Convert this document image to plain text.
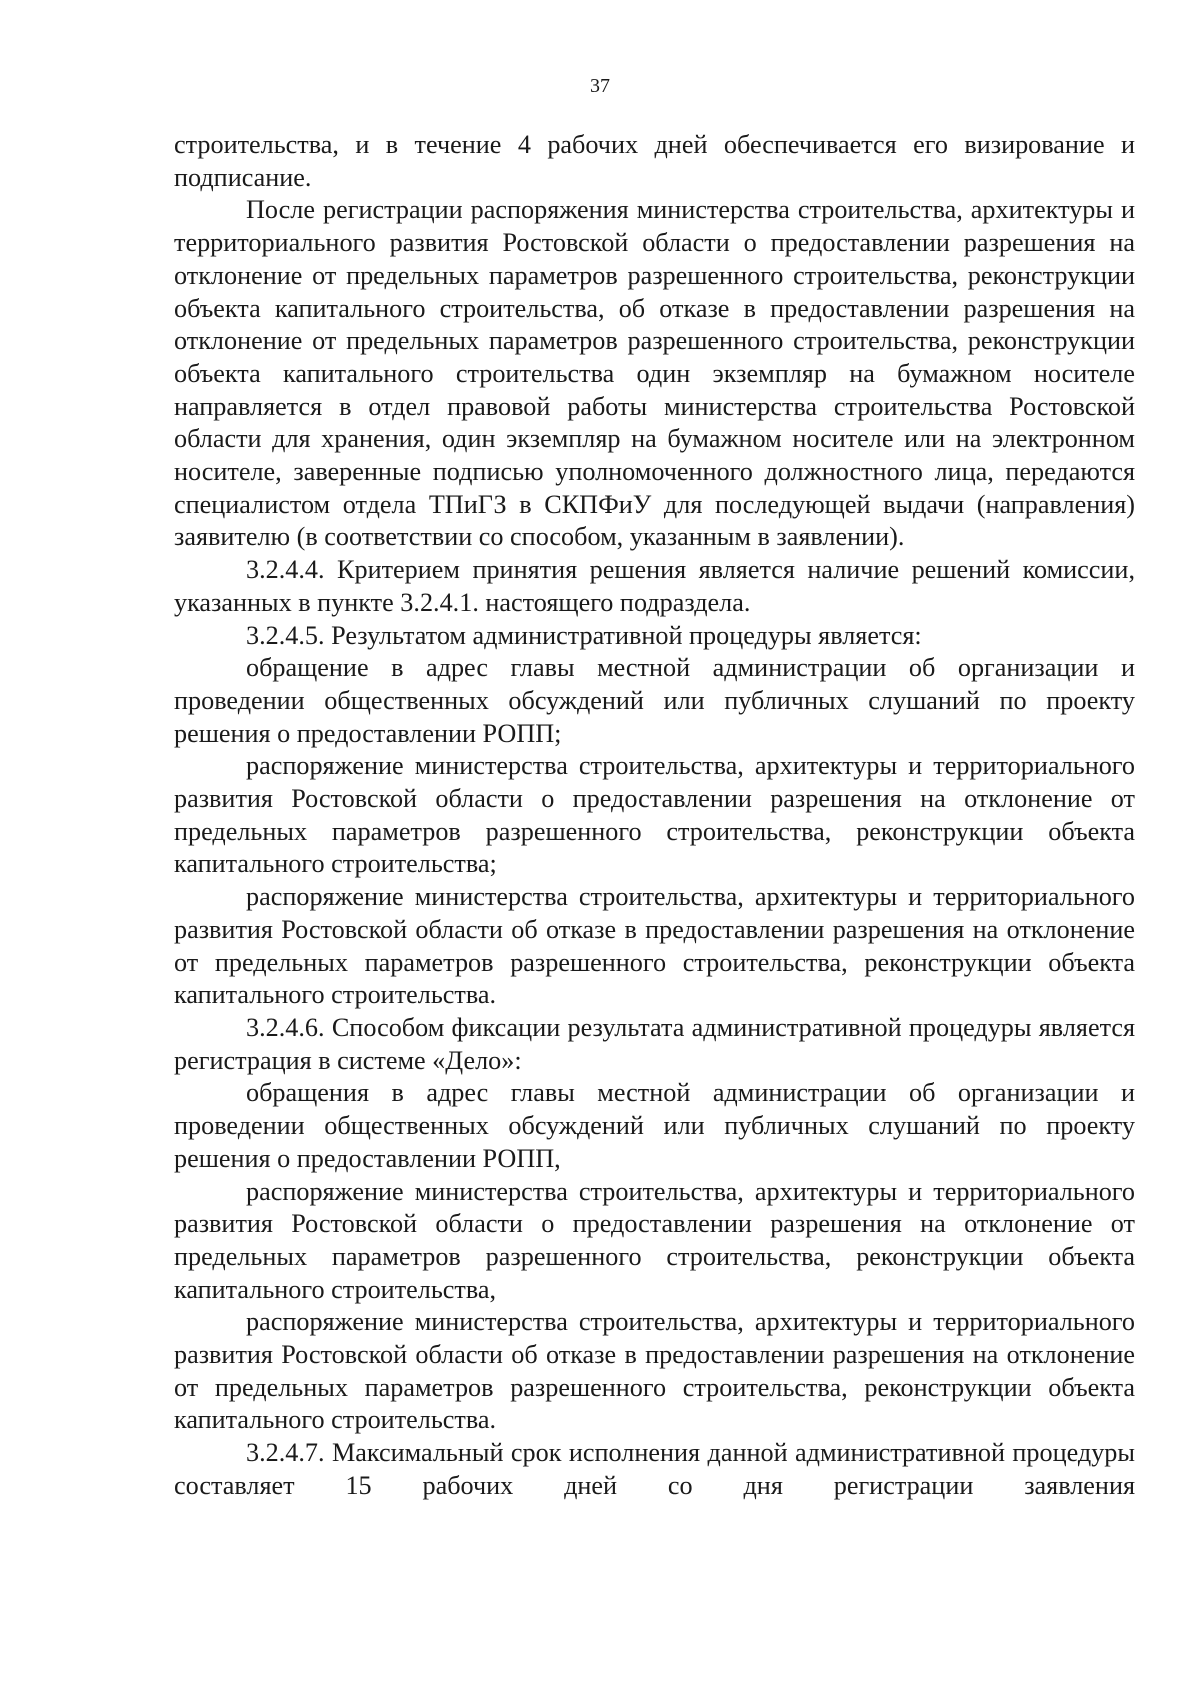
37

строительства, и в течение 4 рабочих дней обеспечивается его визирование и подписание.

После регистрации распоряжения министерства строительства, архитектуры и территориального развития Ростовской области о предоставлении разрешения на отклонение от предельных параметров разрешенного строительства, реконструкции объекта капитального строительства, об отказе в предоставлении разрешения на отклонение от предельных параметров разрешенного строительства, реконструкции объекта капитального строительства один экземпляр на бумажном носителе направляется в отдел правовой работы министерства строительства Ростовской области для хранения, один экземпляр на бумажном носителе или на электронном носителе, заверенные подписью уполномоченного должностного лица, передаются специалистом отдела ТПиГЗ в СКПФиУ для последующей выдачи (направления) заявителю (в соответствии со способом, указанным в заявлении).

3.2.4.4. Критерием принятия решения является наличие решений комиссии, указанных в пункте 3.2.4.1. настоящего подраздела.

3.2.4.5. Результатом административной процедуры является:

обращение в адрес главы местной администрации об организации и проведении общественных обсуждений или публичных слушаний по проекту решения о предоставлении РОПП;

распоряжение министерства строительства, архитектуры и территориального развития Ростовской области о предоставлении разрешения на отклонение от предельных параметров разрешенного строительства, реконструкции объекта капитального строительства;

распоряжение министерства строительства, архитектуры и территориального развития Ростовской области об отказе в предоставлении разрешения на отклонение от предельных параметров разрешенного строительства, реконструкции объекта капитального строительства.

3.2.4.6. Способом фиксации результата административной процедуры является регистрация в системе «Дело»:

обращения в адрес главы местной администрации об организации и проведении общественных обсуждений или публичных слушаний по проекту решения о предоставлении РОПП,

распоряжение министерства строительства, архитектуры и территориального развития Ростовской области о предоставлении разрешения на отклонение от предельных параметров разрешенного строительства, реконструкции объекта капитального строительства,

распоряжение министерства строительства, архитектуры и территориального развития Ростовской области об отказе в предоставлении разрешения на отклонение от предельных параметров разрешенного строительства, реконструкции объекта капитального строительства.

3.2.4.7. Максимальный срок исполнения данной административной процедуры составляет 15 рабочих дней со дня регистрации заявления
